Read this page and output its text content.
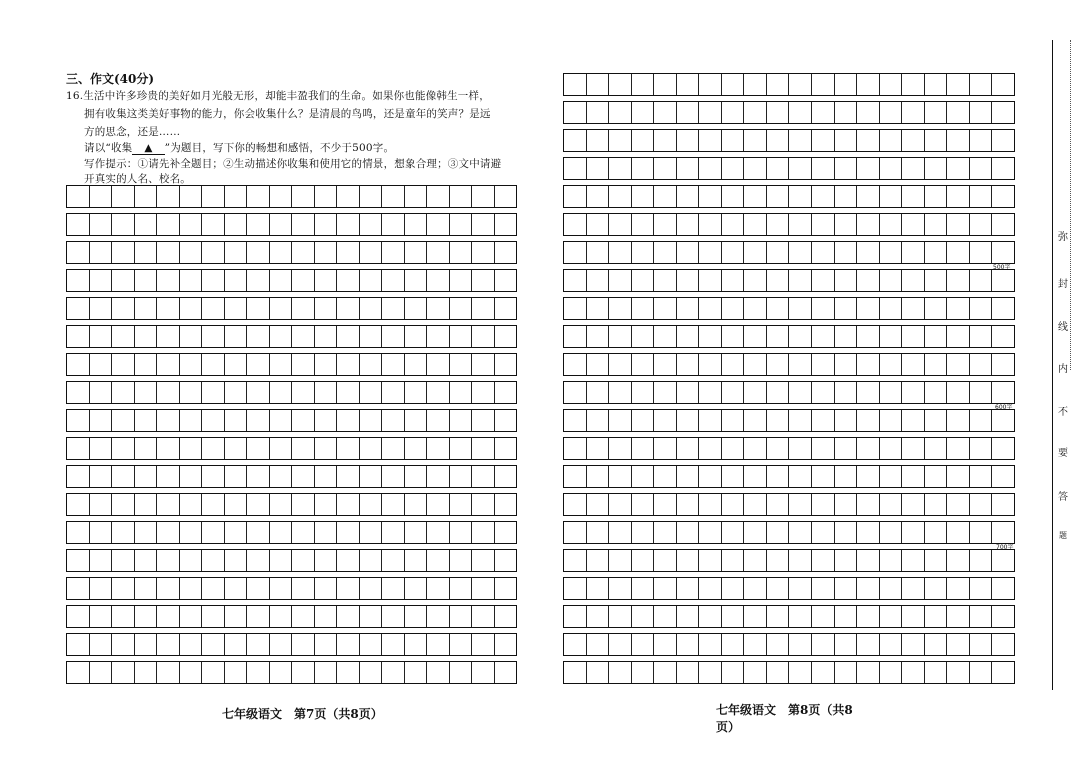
三、作文(40分)
16.生活中许多珍贵的美好如月光般无形，却能丰盈我们的生命。如果你也能像韩生一样，
拥有收集这类美好事物的能力，你会收集什么？是清晨的鸟鸣，还是童年的笑声？是远
方的思念，还是……
请以“收集 ▲ ”为题目，写下你的畅想和感悟，不少于500字。
写作提示：①请先补全题目；②生动描述你收集和使用它的情景，想象合理；③文中请避
开真实的人名、校名。
七年级语文　第7页（共8页）
500字
600字
700字
七年级语文　第8页（共8页）
弥
封
线
内
不
要
答
题
